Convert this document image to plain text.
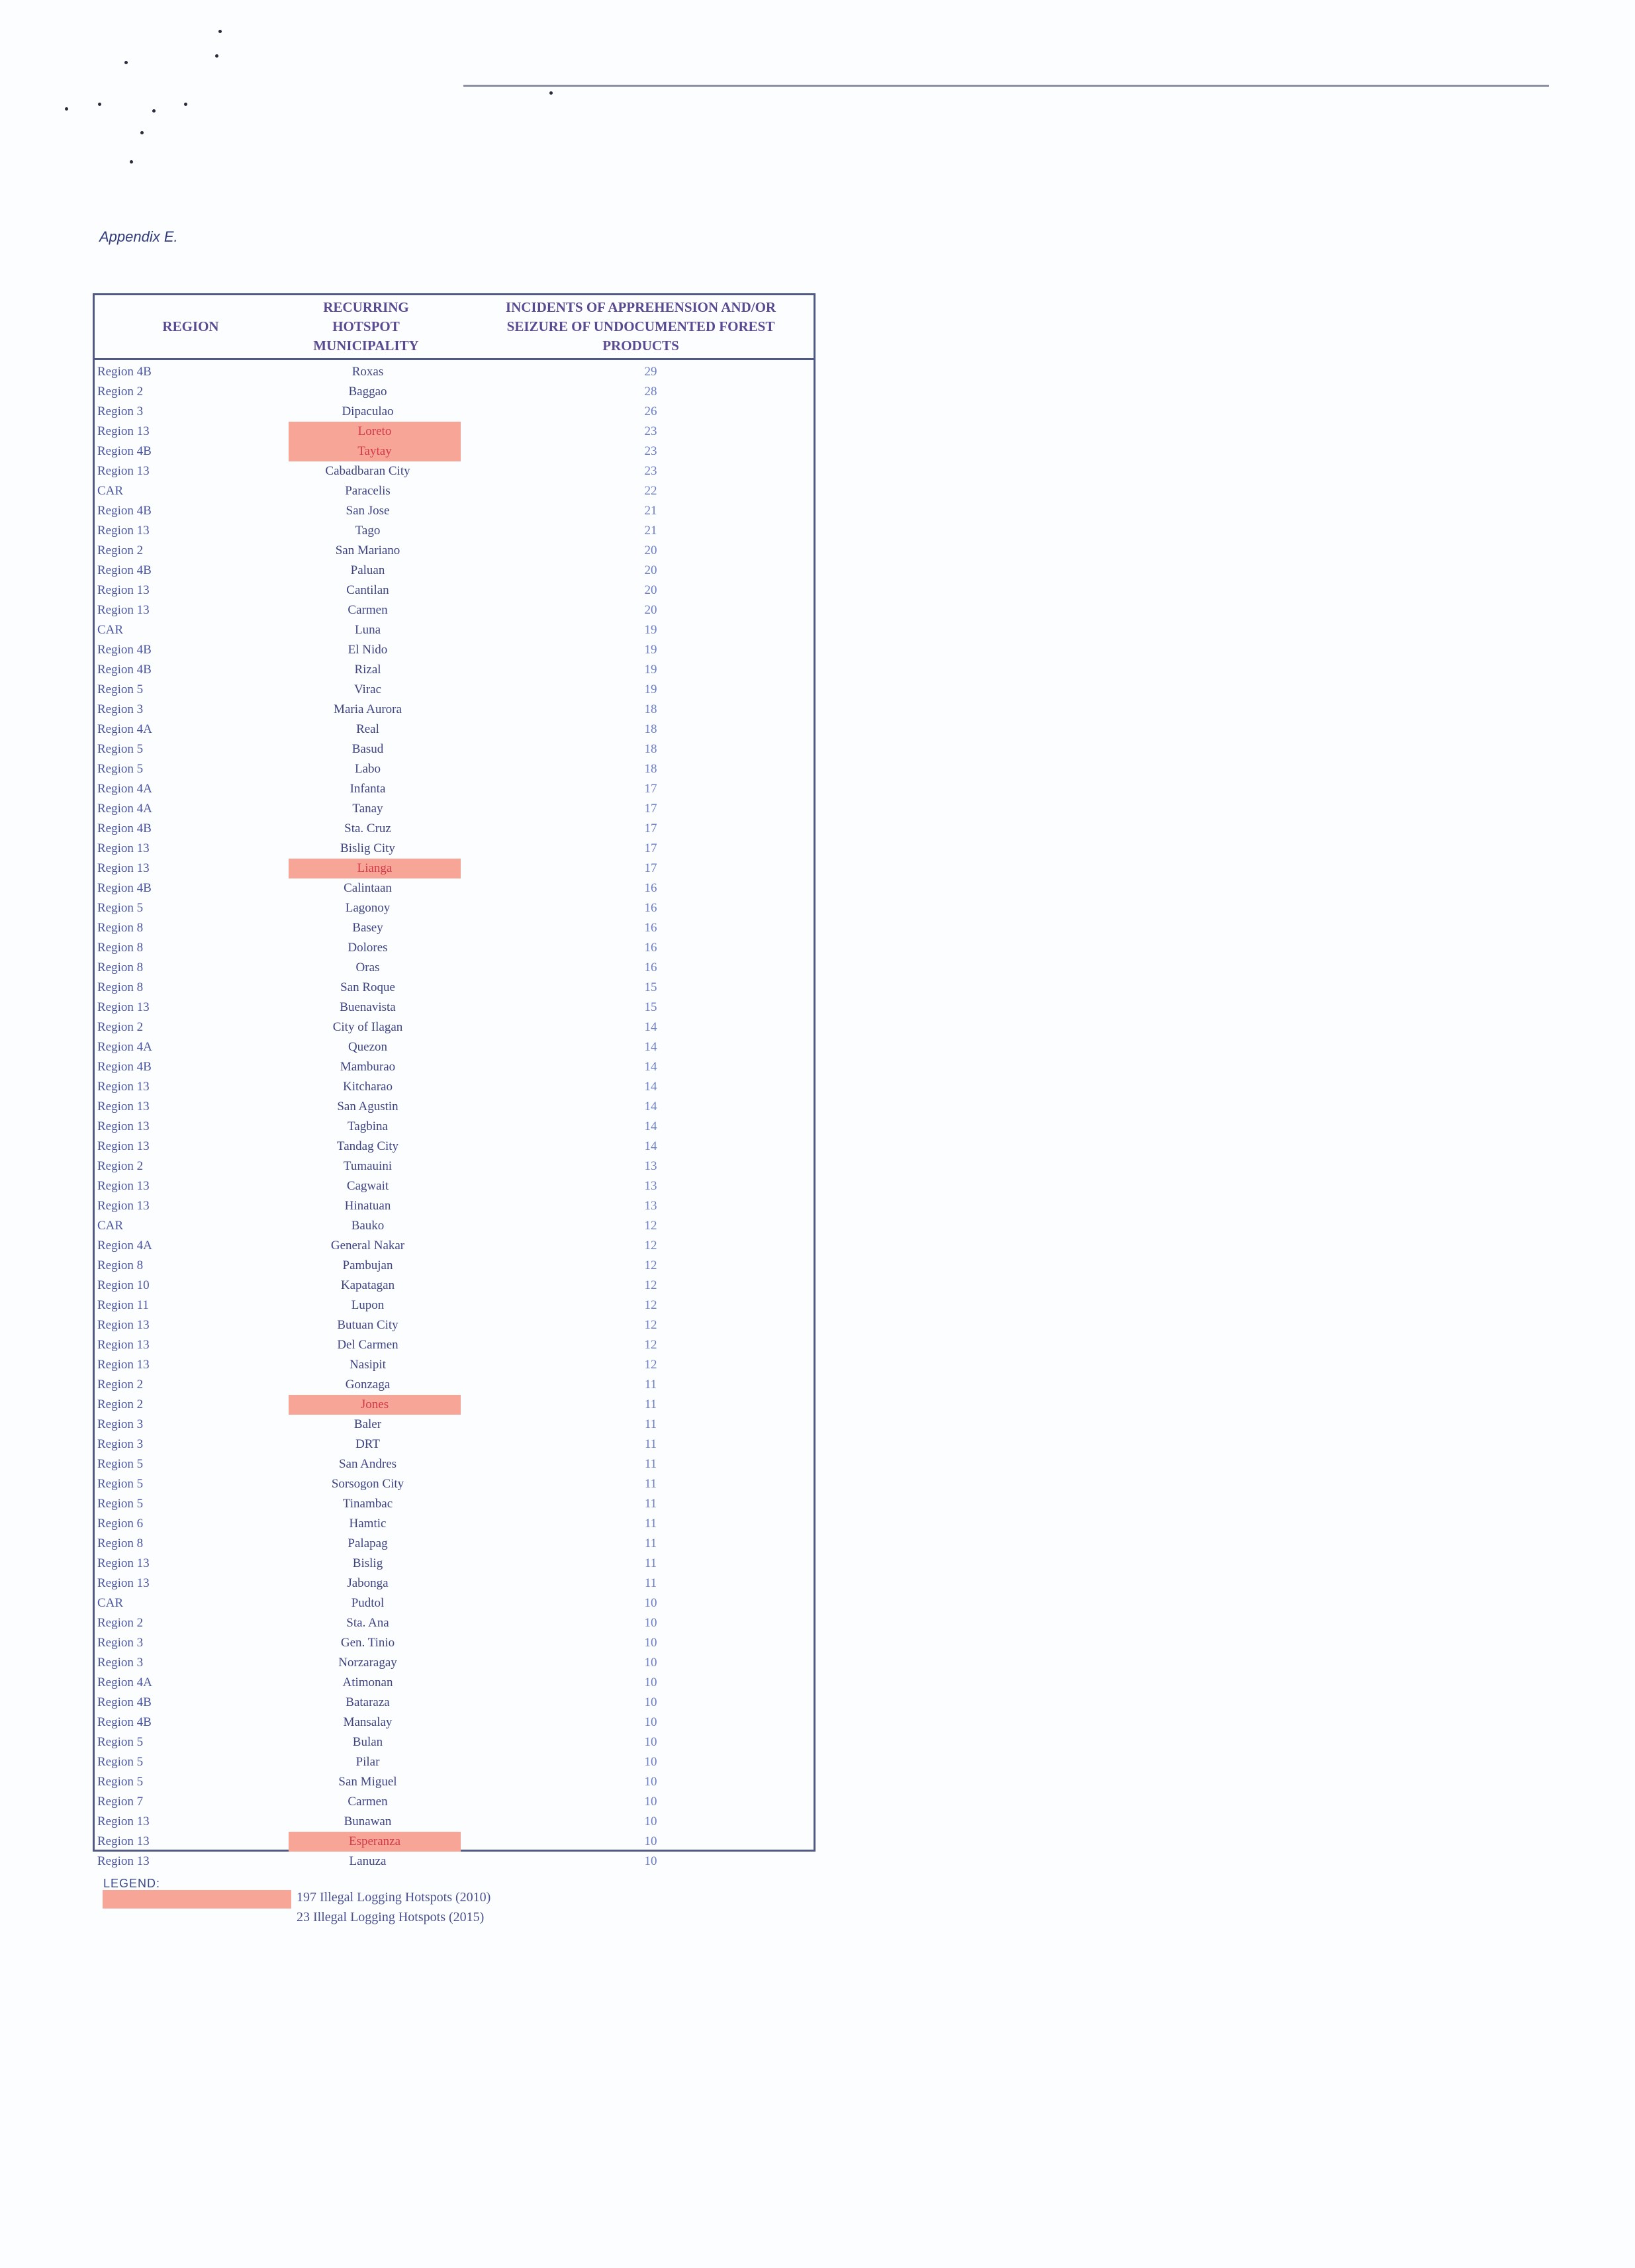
Appendix E.
REGION
RECURRING
HOTSPOT
MUNICIPALITY
INCIDENTS OF APPREHENSION AND/OR
SEIZURE OF UNDOCUMENTED FOREST
PRODUCTS
Region 4B	Roxas	29
Region 2	Baggao	28
Region 3	Dipaculao	26
Region 13	Loreto	23
Region 4B	Taytay	23
Region 13	Cabadbaran City	23
CAR	Paracelis	22
Region 4B	San Jose	21
Region 13	Tago	21
Region 2	San Mariano	20
Region 4B	Paluan	20
Region 13	Cantilan	20
Region 13	Carmen	20
CAR	Luna	19
Region 4B	El Nido	19
Region 4B	Rizal	19
Region 5	Virac	19
Region 3	Maria Aurora	18
Region 4A	Real	18
Region 5	Basud	18
Region 5	Labo	18
Region 4A	Infanta	17
Region 4A	Tanay	17
Region 4B	Sta. Cruz	17
Region 13	Bislig City	17
Region 13	Lianga	17
Region 4B	Calintaan	16
Region 5	Lagonoy	16
Region 8	Basey	16
Region 8	Dolores	16
Region 8	Oras	16
Region 8	San Roque	15
Region 13	Buenavista	15
Region 2	City of Ilagan	14
Region 4A	Quezon	14
Region 4B	Mamburao	14
Region 13	Kitcharao	14
Region 13	San Agustin	14
Region 13	Tagbina	14
Region 13	Tandag City	14
Region 2	Tumauini	13
Region 13	Cagwait	13
Region 13	Hinatuan	13
CAR	Bauko	12
Region 4A	General Nakar	12
Region 8	Pambujan	12
Region 10	Kapatagan	12
Region 11	Lupon	12
Region 13	Butuan City	12
Region 13	Del Carmen	12
Region 13	Nasipit	12
Region 2	Gonzaga	11
Region 2	Jones	11
Region 3	Baler	11
Region 3	DRT	11
Region 5	San Andres	11
Region 5	Sorsogon City	11
Region 5	Tinambac	11
Region 6	Hamtic	11
Region 8	Palapag	11
Region 13	Bislig	11
Region 13	Jabonga	11
CAR	Pudtol	10
Region 2	Sta. Ana	10
Region 3	Gen. Tinio	10
Region 3	Norzaragay	10
Region 4A	Atimonan	10
Region 4B	Bataraza	10
Region 4B	Mansalay	10
Region 5	Bulan	10
Region 5	Pilar	10
Region 5	San Miguel	10
Region 7	Carmen	10
Region 13	Bunawan	10
Region 13	Esperanza	10
Region 13	Lanuza	10
LEGEND:
197 Illegal Logging Hotspots (2010)
23 Illegal Logging Hotspots (2015)
